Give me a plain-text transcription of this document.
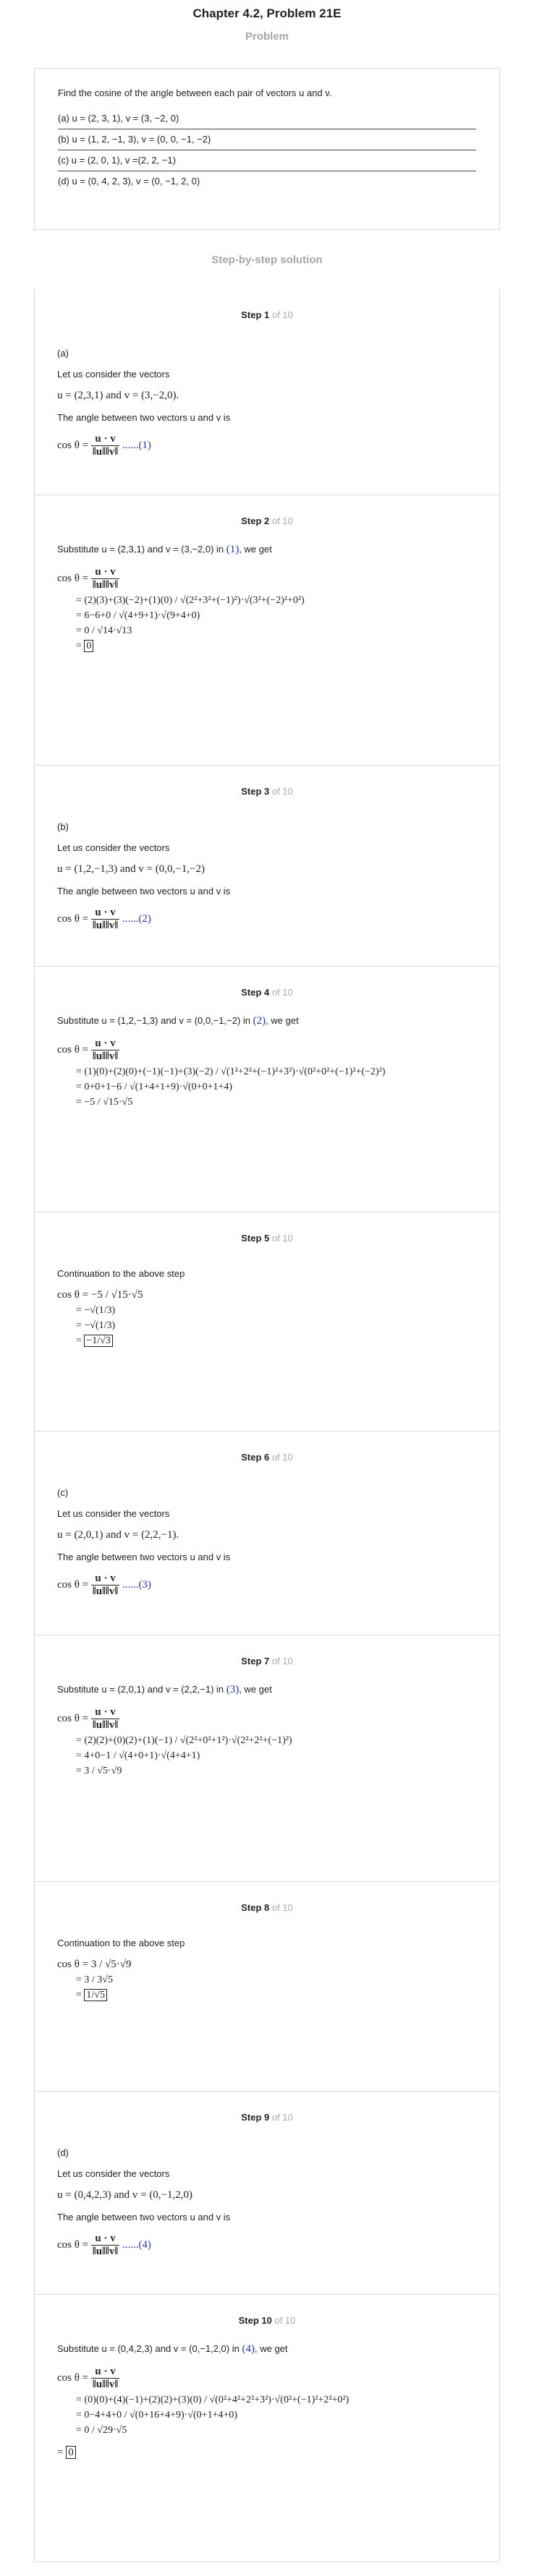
Chapter 4.2, Problem 21E
Problem
Find the cosine of the angle between each pair of vectors u and v.
(a) u = (2, 3, 1), v = (3, −2, 0)
(b) u = (1, 2, −1, 3), v = (0, 0, −1, −2)
(c) u = (2, 0, 1), v =(2, 2, −1)
(d) u = (0, 4, 2, 3), v = (0, −1, 2, 0)
Step-by-step solution
Step 1 of 10
(a)
Let us consider the vectors
u = (2,3,1) and v = (3,−2,0).
The angle between two vectors u and v is
$\cos \theta = \frac{u \cdot v}{‖u‖‖v‖} ......(1)$
Step 2 of 10
Substitute u = (2,3,1) and v = (3,−2,0) in (1), we get
$\cos \theta = \frac{u \cdot v}{‖u‖‖v‖}$
= (2)(3)+(3)(−2)+(1)(0) / √(2²+3²+(−1)²)·√(3²+(−2)²+0²)
= 6−6+0 / √(4+9+1)·√(9+4+0)
= 0 / √14·√13
= 0
Step 3 of 10
(b)
Let us consider the vectors
u = (1,2,−1,3) and v = (0,0,−1,−2)
The angle between two vectors u and v is
$\cos \theta = \frac{u \cdot v}{‖u‖‖v‖} ......(2)$
Step 4 of 10
Substitute u = (1,2,−1,3) and v = (0,0,−1,−2) in (2), we get
$\cos \theta = \frac{u \cdot v}{‖u‖‖v‖}$
= (1)(0)+(2)(0)+(−1)(−1)+(3)(−2) / √(1²+2²+(−1)²+3²)·√(0²+0²+(−1)²+(−2)²)
= 0+0+1−6 / √(1+4+1+9)·√(0+0+1+4)
= −5 / √15·√5
Step 5 of 10
Continuation to the above step
cos θ = −5 / √15·√5
= −√(1/3)
= −√(1/3)
= −1/√3
Step 6 of 10
(c)
Let us consider the vectors
u = (2,0,1) and v = (2,2,−1).
The angle between two vectors u and v is
$\cos \theta = \frac{u \cdot v}{‖u‖‖v‖} ......(3)$
Step 7 of 10
Substitute u = (2,0,1) and v = (2,2,−1) in (3), we get
$\cos \theta = \frac{u \cdot v}{‖u‖‖v‖}$
= (2)(2)+(0)(2)+(1)(−1) / √(2²+0²+1²)·√(2²+2²+(−1)²)
= 4+0−1 / √(4+0+1)·√(4+4+1)
= 3 / √5·√9
Step 8 of 10
Continuation to the above step
cos θ = 3 / √5·√9
= 3 / 3√5
= 1/√5
Step 9 of 10
(d)
Let us consider the vectors
u = (0,4,2,3) and v = (0,−1,2,0)
The angle between two vectors u and v is
$\cos \theta = \frac{u \cdot v}{‖u‖‖v‖} ......(4)$
Step 10 of 10
Substitute u = (0,4,2,3) and v = (0,−1,2,0) in (4), we get
$\cos \theta = \frac{u \cdot v}{‖u‖‖v‖}$
= (0)(0)+(4)(−1)+(2)(2)+(3)(0) / √(0²+4²+2²+3²)·√(0²+(−1)²+2²+0²)
= 0−4+4+0 / √(0+16+4+9)·√(0+1+4+0)
= 0 / √29·√5
= 0
